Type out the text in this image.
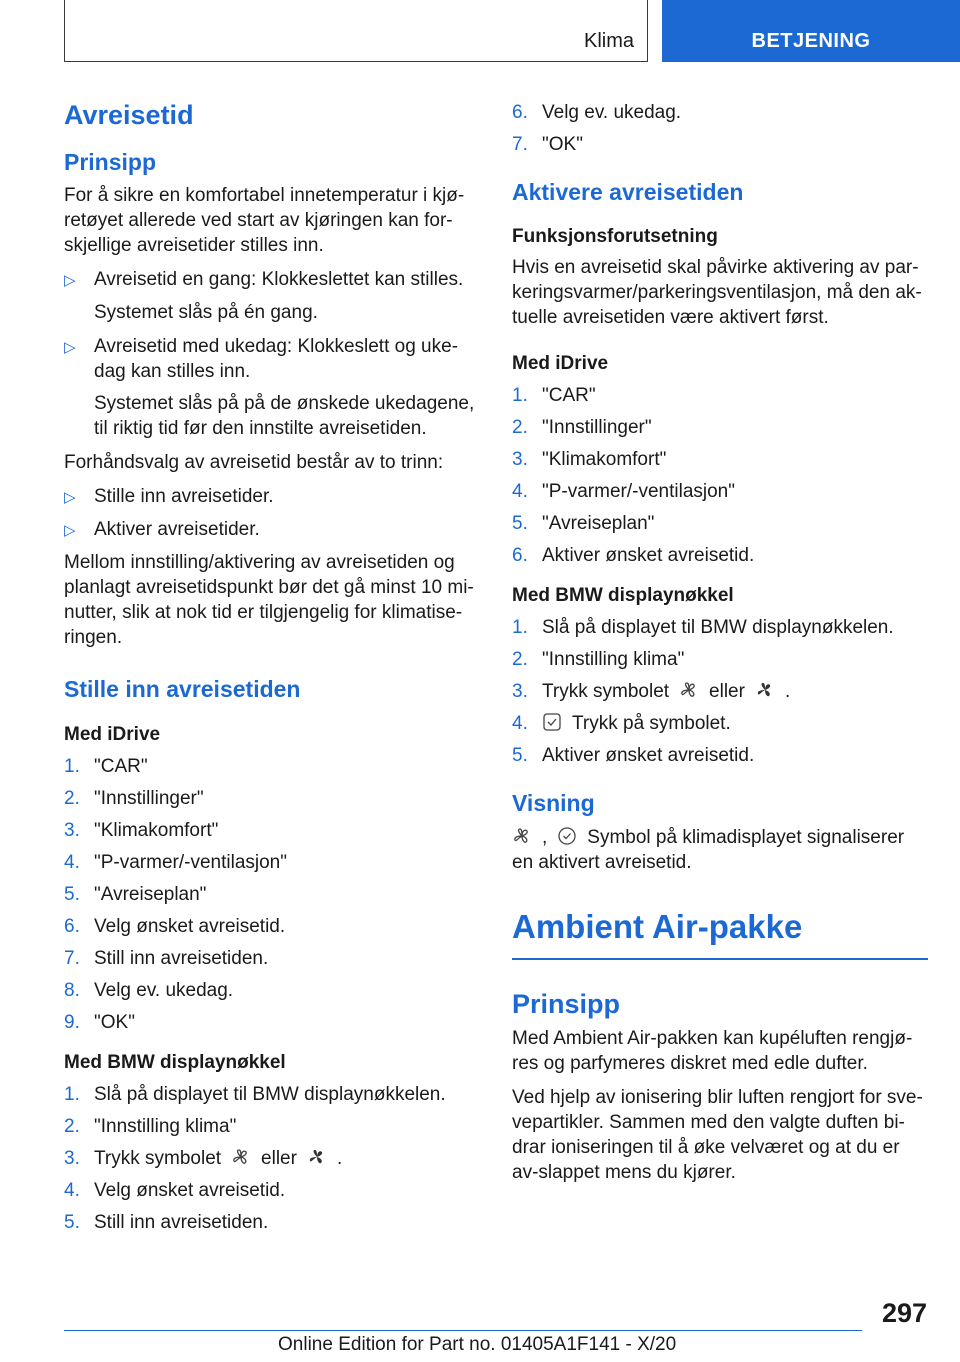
Klima	BETJENING
Avreisetid
Prinsipp
For å sikre en komfortabel innetemperatur i kjø-retøyet allerede ved start av kjøringen kan for-skjellige avreisetider stilles inn.
▷ Avreisetid en gang: Klokkeslettet kan stilles.
Systemet slås på én gang.
▷ Avreisetid med ukedag: Klokkeslett og uke-dag kan stilles inn.
Systemet slås på på de ønskede ukedagene, til riktig tid før den innstilte avreisetiden.
Forhåndsvalg av avreisetid består av to trinn:
▷ Stille inn avreisetider.
▷ Aktiver avreisetider.
Mellom innstilling/aktivering av avreisetiden og planlagt avreisetidspunkt bør det gå minst 10 mi-nutter, slik at nok tid er tilgjengelig for klimatise-ringen.
Stille inn avreisetiden
Med iDrive
1. "CAR"
2. "Innstillinger"
3. "Klimakomfort"
4. "P-varmer/-ventilasjon"
5. "Avreiseplan"
6. Velg ønsket avreisetid.
7. Still inn avreisetiden.
8. Velg ev. ukedag.
9. "OK"
Med BMW displaynøkkel
1. Slå på displayet til BMW displaynøkkelen.
2. "Innstilling klima"
3. Trykk symbolet eller .
4. Velg ønsket avreisetid.
5. Still inn avreisetiden.
6. Velg ev. ukedag.
7. "OK"
Aktivere avreisetiden
Funksjonsforutsetning
Hvis en avreisetid skal påvirke aktivering av par-keringsvarmer/parkeringsventilasjon, må den ak-tuelle avreisetiden være aktivert først.
Med iDrive
1. "CAR"
2. "Innstillinger"
3. "Klimakomfort"
4. "P-varmer/-ventilasjon"
5. "Avreiseplan"
6. Aktiver ønsket avreisetid.
Med BMW displaynøkkel
1. Slå på displayet til BMW displaynøkkelen.
2. "Innstilling klima"
3. Trykk symbolet eller .
4.	Trykk på symbolet.
5. Aktiver ønsket avreisetid.
Visning
, Symbol på klimadisplayet signaliserer en aktivert avreisetid.
Ambient Air-pakke
Prinsipp
Med Ambient Air-pakken kan kupéluften rengjø-res og parfymeres diskret med edle dufter.
Ved hjelp av ionisering blir luften rengjort for sve-vepartikler. Sammen med den valgte duften bi-drar ioniseringen til å øke velværet og at du er av-slappet mens du kjører.
297
Online Edition for Part no. 01405A1F141 - X/20
